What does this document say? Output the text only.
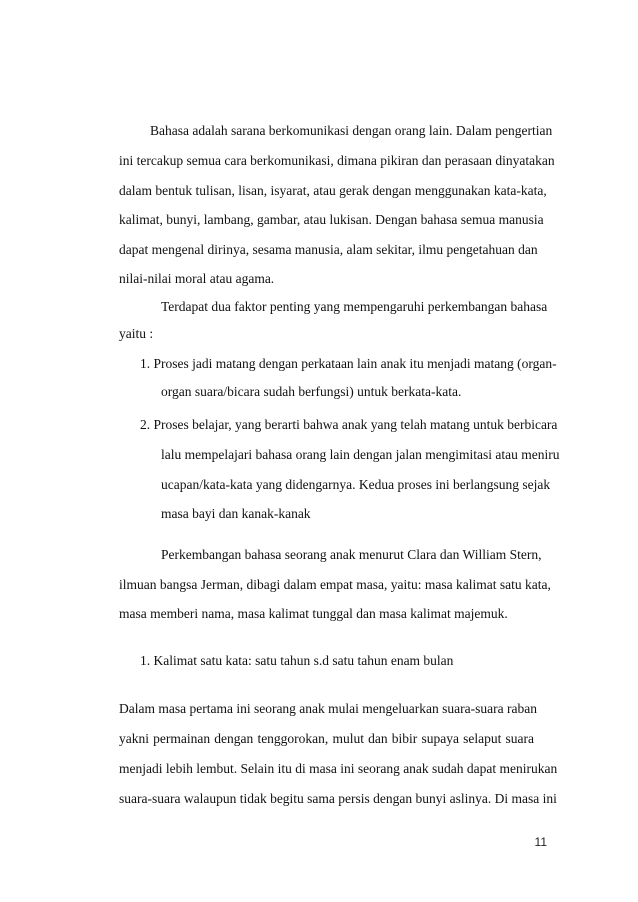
Bahasa adalah sarana berkomunikasi dengan orang lain. Dalam pengertian
ini tercakup semua cara berkomunikasi, dimana pikiran dan perasaan dinyatakan
dalam bentuk tulisan, lisan, isyarat, atau gerak dengan menggunakan kata-kata,
kalimat, bunyi, lambang, gambar, atau lukisan. Dengan bahasa semua manusia
dapat mengenal dirinya, sesama manusia, alam sekitar, ilmu pengetahuan dan
nilai-nilai moral atau agama.
Terdapat dua faktor penting yang mempengaruhi perkembangan bahasa
yaitu :
1. Proses jadi matang dengan perkataan lain anak itu menjadi matang (organ-
organ suara/bicara sudah berfungsi) untuk berkata-kata.
2. Proses belajar, yang berarti bahwa anak yang telah matang untuk berbicara
lalu mempelajari bahasa orang lain dengan jalan mengimitasi atau meniru
ucapan/kata-kata yang didengarnya. Kedua proses ini berlangsung sejak
masa bayi dan kanak-kanak
Perkembangan bahasa seorang anak menurut Clara dan William Stern,
ilmuan bangsa Jerman, dibagi dalam empat masa, yaitu: masa kalimat satu kata,
masa memberi nama, masa kalimat tunggal dan masa kalimat majemuk.
1. Kalimat satu kata: satu tahun s.d satu tahun enam bulan
Dalam masa pertama ini seorang anak mulai mengeluarkan suara-suara raban
yakni permainan dengan tenggorokan, mulut dan bibir supaya selaput suara
menjadi lebih lembut. Selain itu di masa ini seorang anak sudah dapat menirukan
suara-suara walaupun tidak begitu sama persis dengan bunyi aslinya. Di masa ini
11
